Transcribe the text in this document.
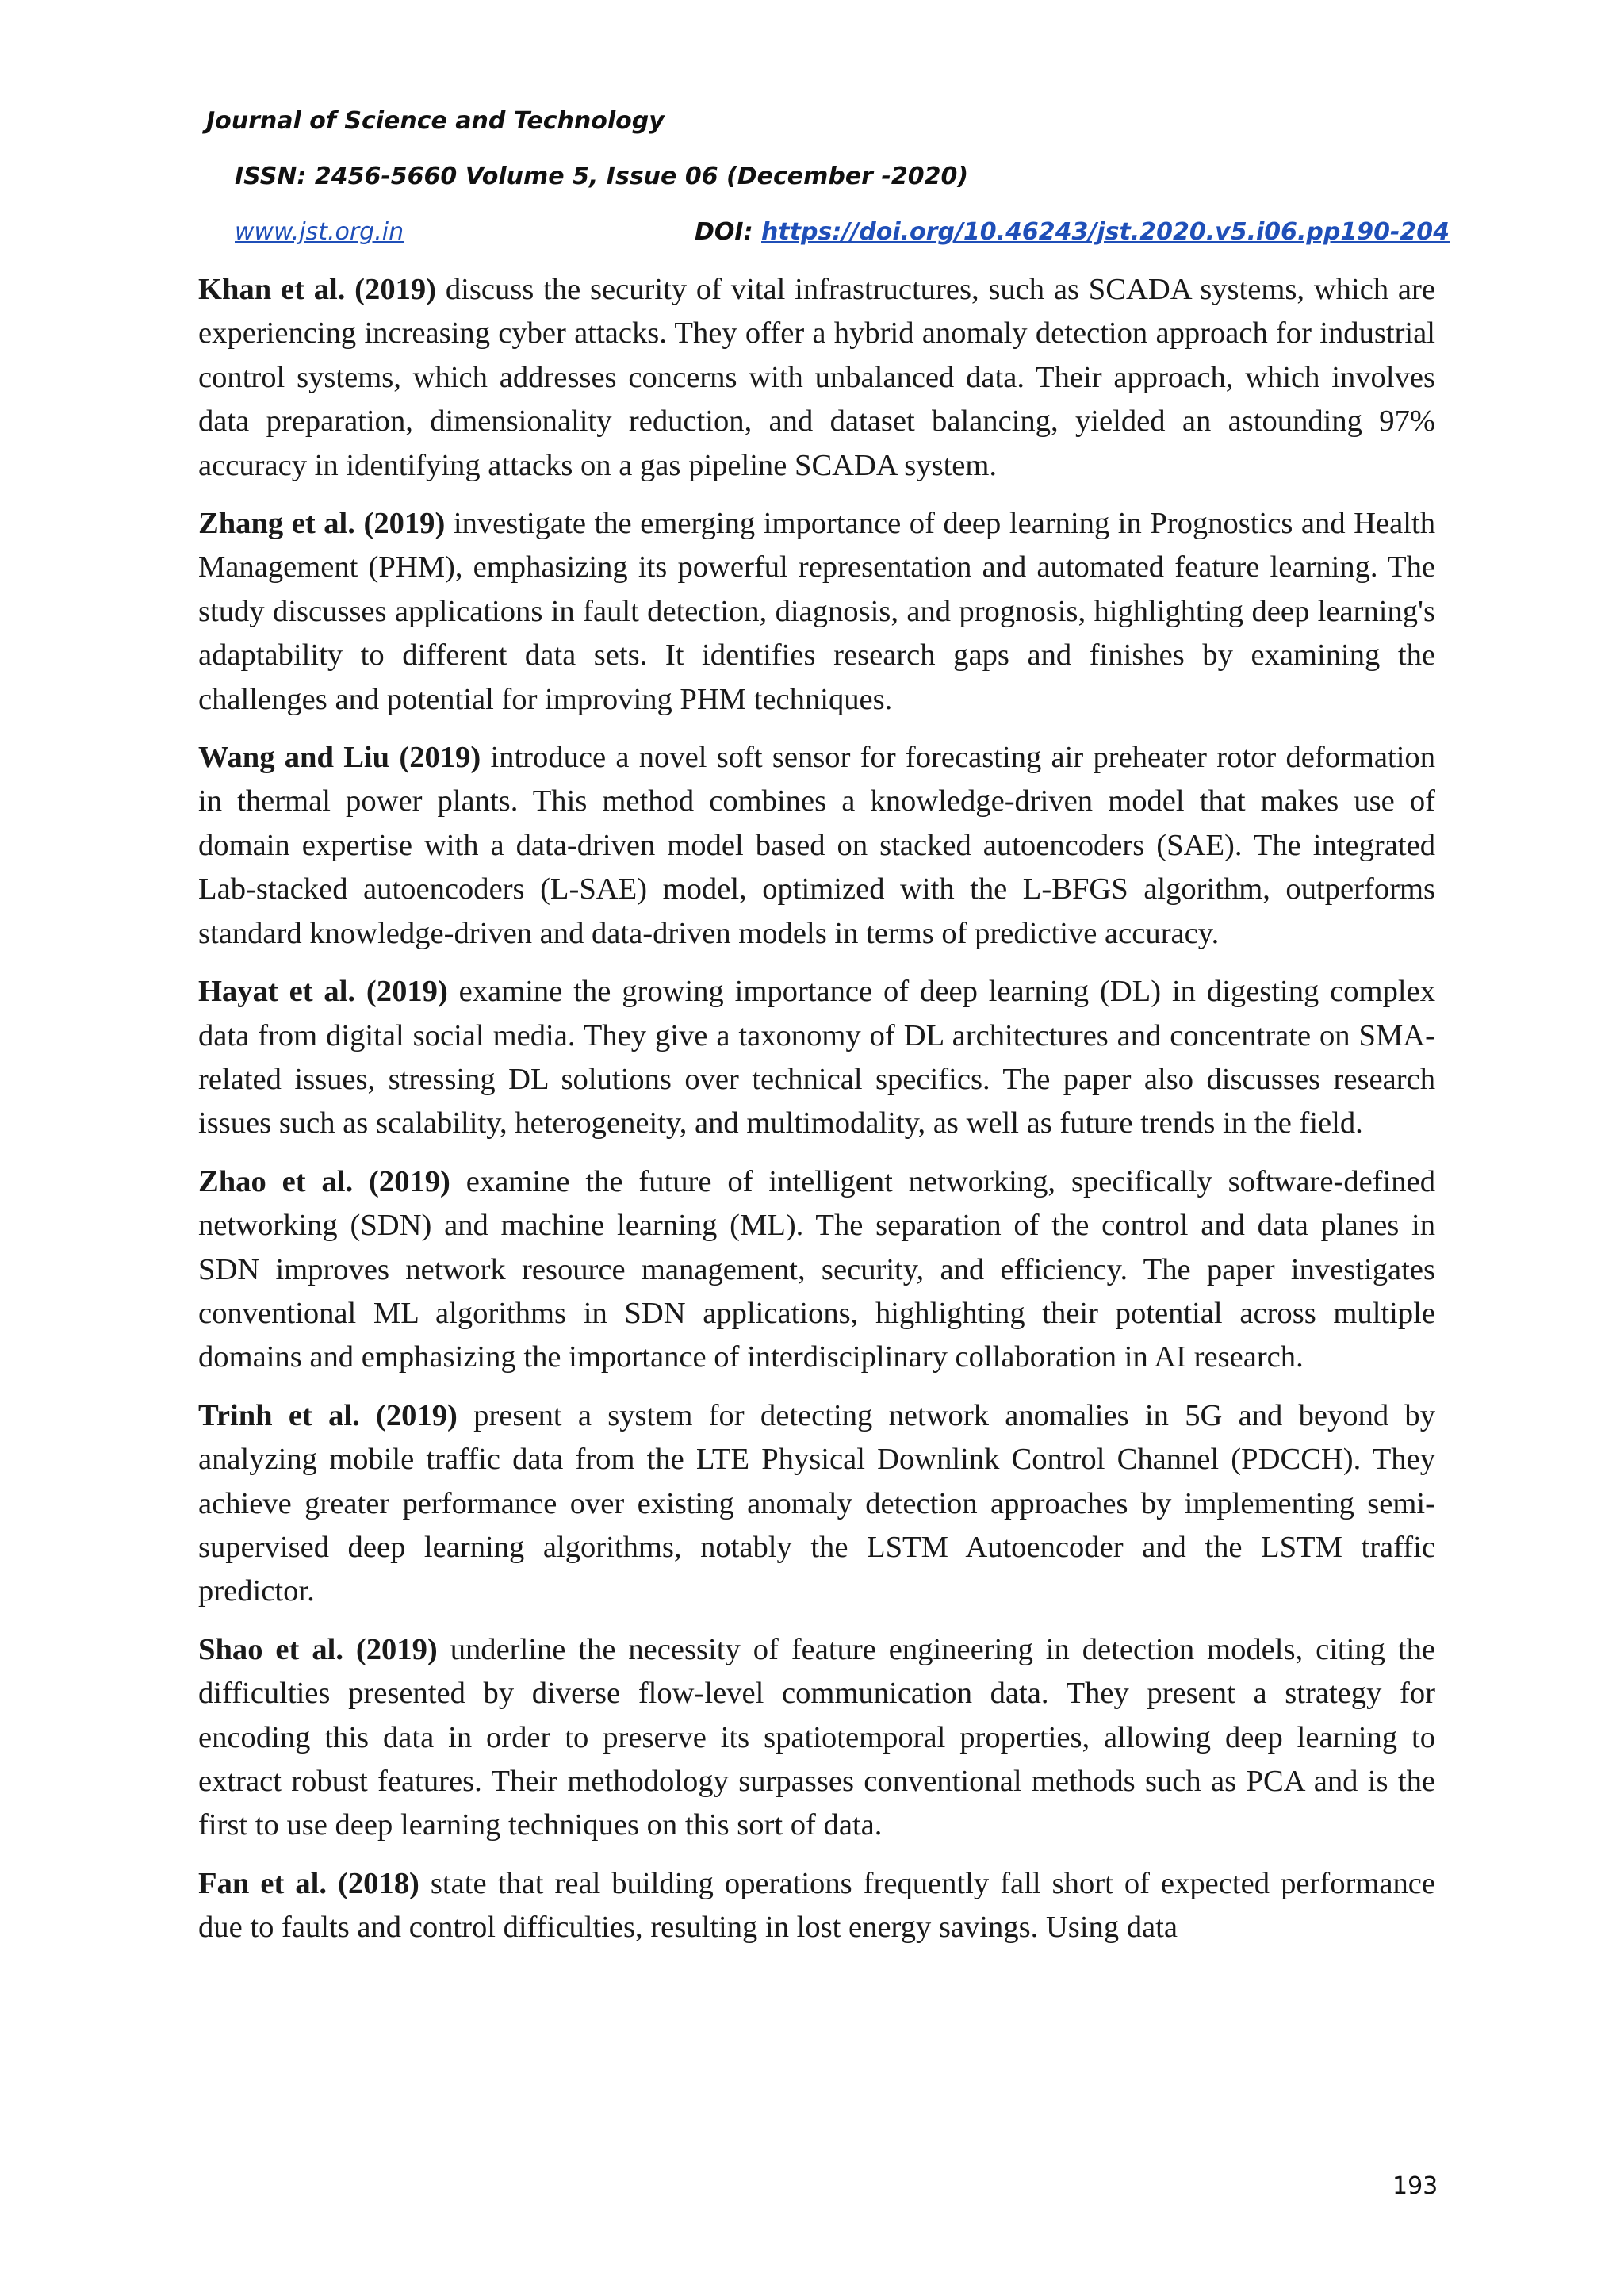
Journal of Science and Technology
ISSN: 2456-5660 Volume 5, Issue 06 (December -2020)
www.jst.org.in	DOI: https://doi.org/10.46243/jst.2020.v5.i06.pp190-204

Khan et al. (2019) discuss the security of vital infrastructures, such as SCADA systems, which are experiencing increasing cyber attacks. They offer a hybrid anomaly detection approach for industrial control systems, which addresses concerns with unbalanced data. Their approach, which involves data preparation, dimensionality reduction, and dataset balancing, yielded an astounding 97% accuracy in identifying attacks on a gas pipeline SCADA system.

Zhang et al. (2019) investigate the emerging importance of deep learning in Prognostics and Health Management (PHM), emphasizing its powerful representation and automated feature learning. The study discusses applications in fault detection, diagnosis, and prognosis, highlighting deep learning's adaptability to different data sets. It identifies research gaps and finishes by examining the challenges and potential for improving PHM techniques.

Wang and Liu (2019) introduce a novel soft sensor for forecasting air preheater rotor deformation in thermal power plants. This method combines a knowledge-driven model that makes use of domain expertise with a data-driven model based on stacked autoencoders (SAE). The integrated Lab-stacked autoencoders (L-SAE) model, optimized with the L-BFGS algorithm, outperforms standard knowledge-driven and data-driven models in terms of predictive accuracy.

Hayat et al. (2019) examine the growing importance of deep learning (DL) in digesting complex data from digital social media. They give a taxonomy of DL architectures and concentrate on SMA-related issues, stressing DL solutions over technical specifics. The paper also discusses research issues such as scalability, heterogeneity, and multimodality, as well as future trends in the field.

Zhao et al. (2019) examine the future of intelligent networking, specifically software-defined networking (SDN) and machine learning (ML). The separation of the control and data planes in SDN improves network resource management, security, and efficiency. The paper investigates conventional ML algorithms in SDN applications, highlighting their potential across multiple domains and emphasizing the importance of interdisciplinary collaboration in AI research.

Trinh et al. (2019) present a system for detecting network anomalies in 5G and beyond by analyzing mobile traffic data from the LTE Physical Downlink Control Channel (PDCCH). They achieve greater performance over existing anomaly detection approaches by implementing semi-supervised deep learning algorithms, notably the LSTM Autoencoder and the LSTM traffic predictor.

Shao et al. (2019) underline the necessity of feature engineering in detection models, citing the difficulties presented by diverse flow-level communication data. They present a strategy for encoding this data in order to preserve its spatiotemporal properties, allowing deep learning to extract robust features. Their methodology surpasses conventional methods such as PCA and is the first to use deep learning techniques on this sort of data.

Fan et al. (2018) state that real building operations frequently fall short of expected performance due to faults and control difficulties, resulting in lost energy savings. Using data

193
